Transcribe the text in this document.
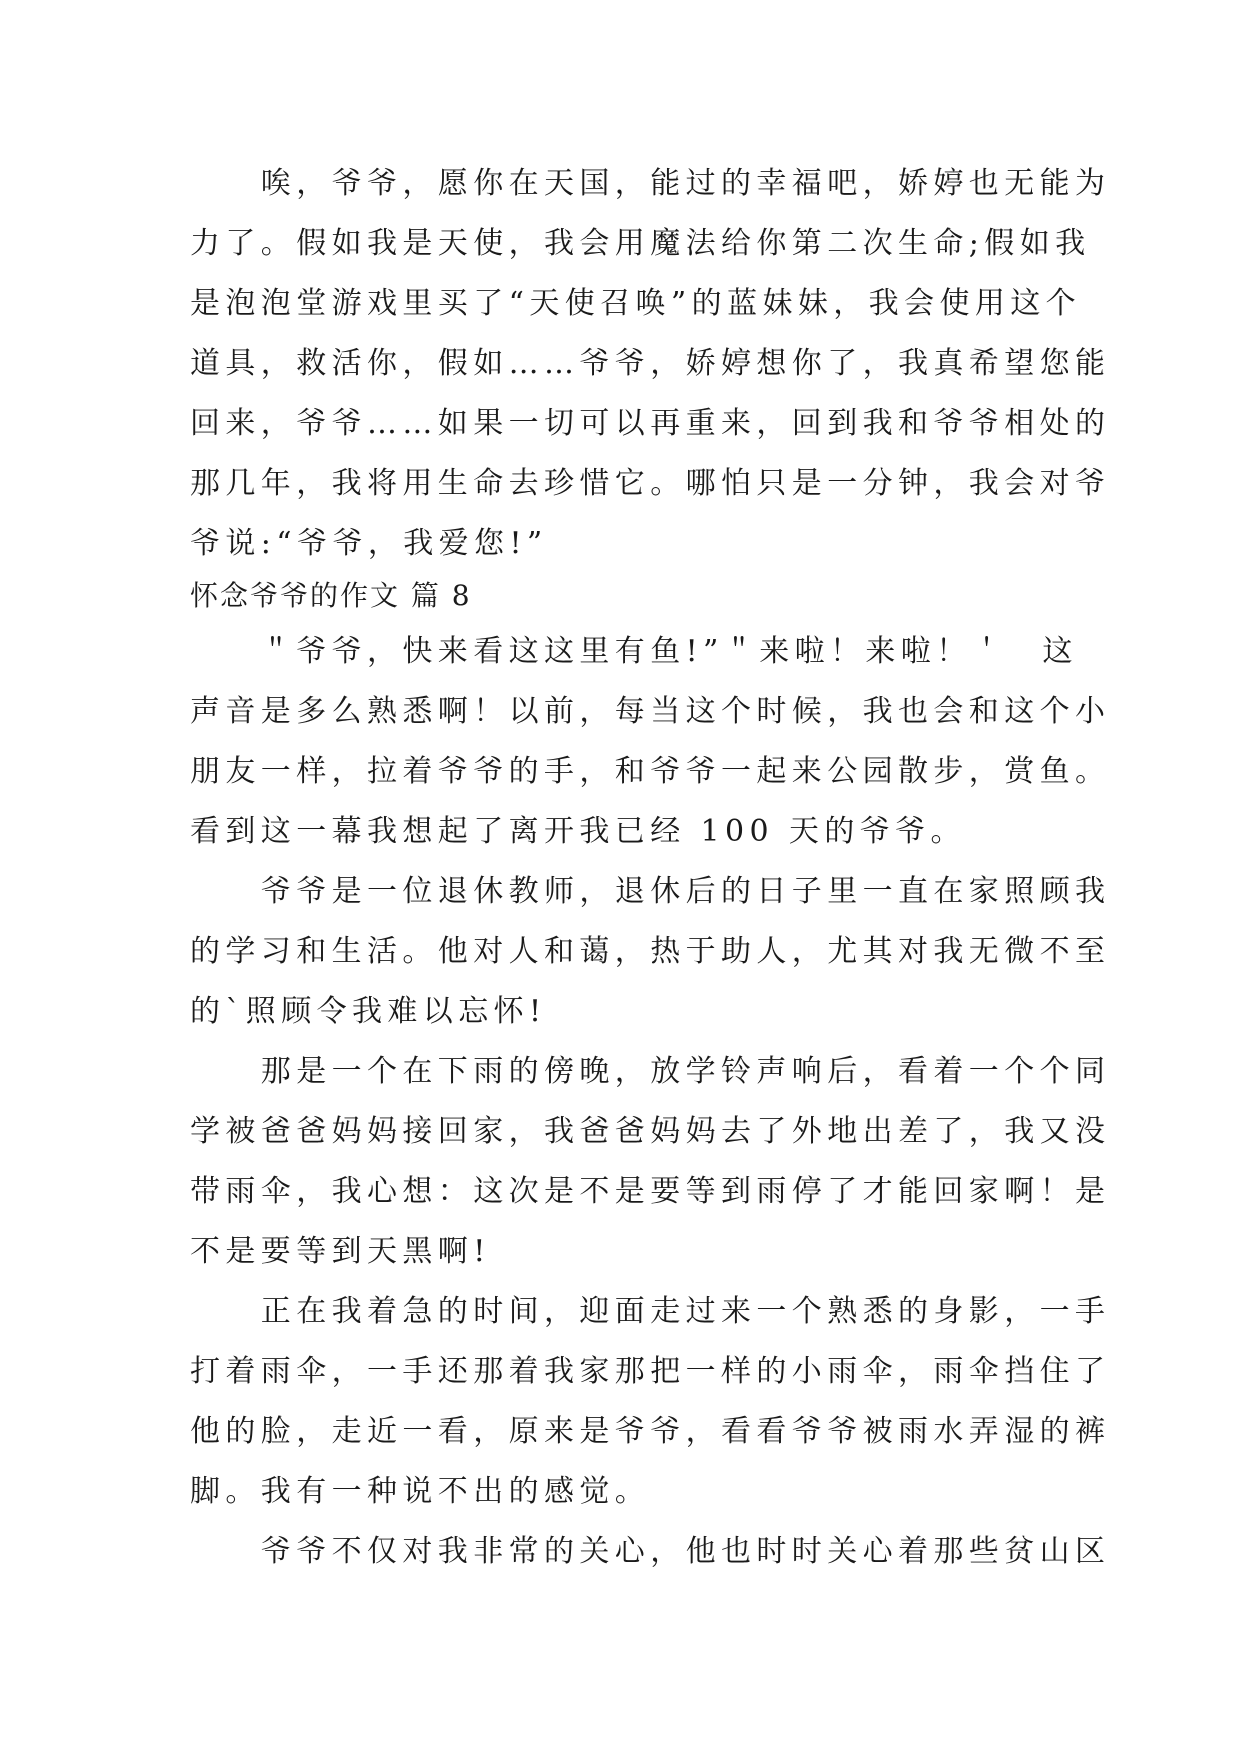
　　唉，爷爷，愿你在天国，能过的幸福吧，娇婷也无能为
力了。假如我是天使，我会用魔法给你第二次生命;假如我
是泡泡堂游戏里买了“天使召唤”的蓝妹妹，我会使用这个
道具，救活你，假如……爷爷，娇婷想你了，我真希望您能
回来，爷爷……如果一切可以再重来，回到我和爷爷相处的
那几年，我将用生命去珍惜它。哪怕只是一分钟，我会对爷
爷说:“爷爷，我爱您!”
怀念爷爷的作文 篇 8
　　＂爷爷，快来看这这里有鱼!”＂来啦！来啦！＇　这
声音是多么熟悉啊！以前，每当这个时候，我也会和这个小
朋友一样，拉着爷爷的手，和爷爷一起来公园散步，赏鱼。
看到这一幕我想起了离开我已经 100 天的爷爷。
　　爷爷是一位退休教师，退休后的日子里一直在家照顾我
的学习和生活。他对人和蔼，热于助人，尤其对我无微不至
的`照顾令我难以忘怀!
　　那是一个在下雨的傍晚，放学铃声响后，看着一个个同
学被爸爸妈妈接回家，我爸爸妈妈去了外地出差了，我又没
带雨伞，我心想：这次是不是要等到雨停了才能回家啊！是
不是要等到天黑啊!
　　正在我着急的时间，迎面走过来一个熟悉的身影，一手
打着雨伞，一手还那着我家那把一样的小雨伞，雨伞挡住了
他的脸，走近一看，原来是爷爷，看看爷爷被雨水弄湿的裤
脚。我有一种说不出的感觉。
　　爷爷不仅对我非常的关心，他也时时关心着那些贫山区
